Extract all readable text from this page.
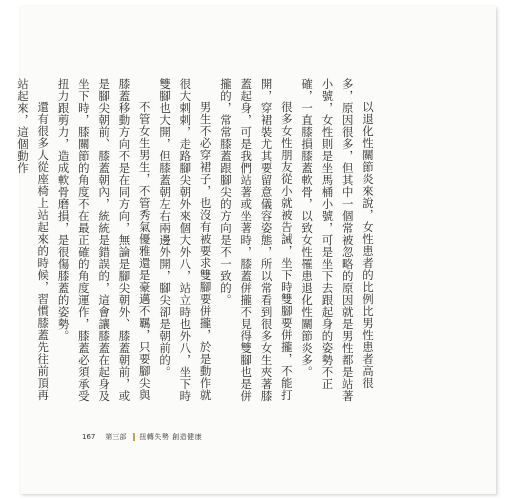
以退化性關節炎來說，女性患者的比例比男性患者高很多，原因很多，但其中一個常被忽略的原因就是男性都是站著小號，女性則是坐馬桶小號，可是坐下去跟起身的姿勢不正確，一直膝損膝蓋軟骨，以致女性罹患退化性關節炎多。

很多女性朋友從小就被告誡，坐下時雙腳要併攏，不能打開，穿裙裝尤其要留意儀容姿態，所以常看到很多女生夾著膝蓋起身，可是我們站著或坐著時，膝蓋併攏不見得雙腳也是併攏的，常常膝蓋跟腳尖的方向是不一致的。

男生不必穿裙子，也沒有被要求雙腳要併攏，於是動作就很大剌剌，走路腳尖朝外來個大外八，站立時也外八，坐下時雙腳也大開，但膝蓋朝左右兩邊外開，腳尖卻是朝前的。

不管女生男生，不管秀氣優雅還是豪邁不羈，只要腳尖與膝蓋移動方向不是在同方向，無論是腳尖朝外、膝蓋朝前，或是腳尖朝前、膝蓋朝內，統統是錯誤的，這會讓膝蓋在起身及坐下時，膝關節的角度不在最正確的角度運作，膝蓋必須承受扭力跟剪力，造成軟骨磨損，是很傷膝蓋的姿勢。

還有很多人從座椅上站起來的時候，習慣膝蓋先往前頂再站起來，這個動作

167 第三部 扭轉失勢 創造健康
